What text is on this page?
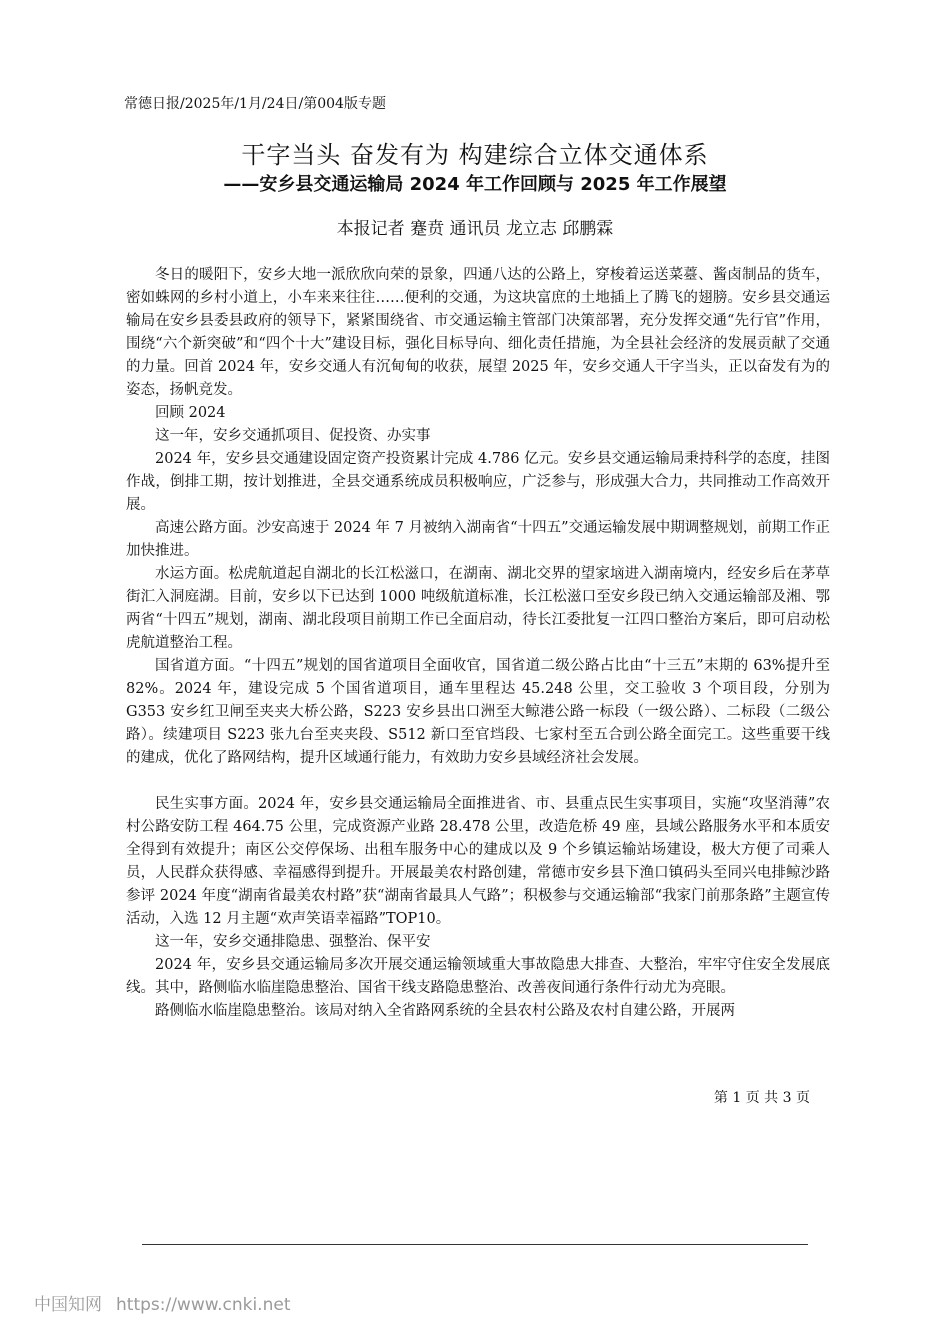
常德日报/2025年/1月/24日/第004版专题
干字当头 奋发有为 构建综合立体交通体系
——安乡县交通运输局 2024 年工作回顾与 2025 年工作展望
本报记者 蹇贲 通讯员 龙立志 邱鹏霖

冬日的暖阳下，安乡大地一派欣欣向荣的景象，四通八达的公路上，穿梭着运送菜薹、酱卤制品的货车，密如蛛网的乡村小道上，小车来来往往……便利的交通，为这块富庶的土地插上了腾飞的翅膀。安乡县交通运输局在安乡县委县政府的领导下，紧紧围绕省、市交通运输主管部门决策部署，充分发挥交通“先行官”作用，围绕“六个新突破”和“四个十大”建设目标，强化目标导向、细化责任措施，为全县社会经济的发展贡献了交通的力量。回首 2024 年，安乡交通人有沉甸甸的收获，展望 2025 年，安乡交通人干字当头，正以奋发有为的姿态，扬帆竞发。

回顾 2024

这一年，安乡交通抓项目、促投资、办实事

2024 年，安乡县交通建设固定资产投资累计完成 4.786 亿元。安乡县交通运输局秉持科学的态度，挂图作战，倒排工期，按计划推进，全县交通系统成员积极响应，广泛参与，形成强大合力，共同推动工作高效开展。

高速公路方面。沙安高速于 2024 年 7 月被纳入湖南省“十四五”交通运输发展中期调整规划，前期工作正加快推进。

水运方面。松虎航道起自湖北的长江松滋口，在湖南、湖北交界的望家垴进入湖南境内，经安乡后在茅草街汇入洞庭湖。目前，安乡以下已达到 1000 吨级航道标准，长江松滋口至安乡段已纳入交通运输部及湘、鄂两省“十四五”规划，湖南、湖北段项目前期工作已全面启动，待长江委批复一江四口整治方案后，即可启动松虎航道整治工程。

国省道方面。“十四五”规划的国省道项目全面收官，国省道二级公路占比由“十三五”末期的 63%提升至 82%。2024 年，建设完成 5 个国省道项目，通车里程达 45.248 公里，交工验收 3 个项目段，分别为 G353 安乡红卫闸至夹夹大桥公路，S223 安乡县出口洲至大鲸港公路一标段（一级公路）、二标段（二级公路）。续建项目 S223 张九台至夹夹段、S512 新口至官垱段、七家村至五合剅公路全面完工。这些重要干线的建成，优化了路网结构，提升区域通行能力，有效助力安乡县域经济社会发展。

民生实事方面。2024 年，安乡县交通运输局全面推进省、市、县重点民生实事项目，实施“攻坚消薄”农村公路安防工程 464.75 公里，完成资源产业路 28.478 公里，改造危桥 49 座，县域公路服务水平和本质安全得到有效提升；南区公交停保场、出租车服务中心的建成以及 9 个乡镇运输站场建设，极大方便了司乘人员，人民群众获得感、幸福感得到提升。开展最美农村路创建，常德市安乡县下渔口镇码头至同兴电排鲸沙路参评 2024 年度“湖南省最美农村路”获“湖南省最具人气路”；积极参与交通运输部“我家门前那条路”主题宣传活动，入选 12 月主题“欢声笑语幸福路”TOP10。

这一年，安乡交通排隐患、强整治、保平安

2024 年，安乡县交通运输局多次开展交通运输领域重大事故隐患大排查、大整治，牢牢守住安全发展底线。其中，路侧临水临崖隐患整治、国省干线支路隐患整治、改善夜间通行条件行动尤为亮眼。

路侧临水临崖隐患整治。该局对纳入全省路网系统的全县农村公路及农村自建公路，开展两

第 1 页 共 3 页
中国知网 https://www.cnki.net
